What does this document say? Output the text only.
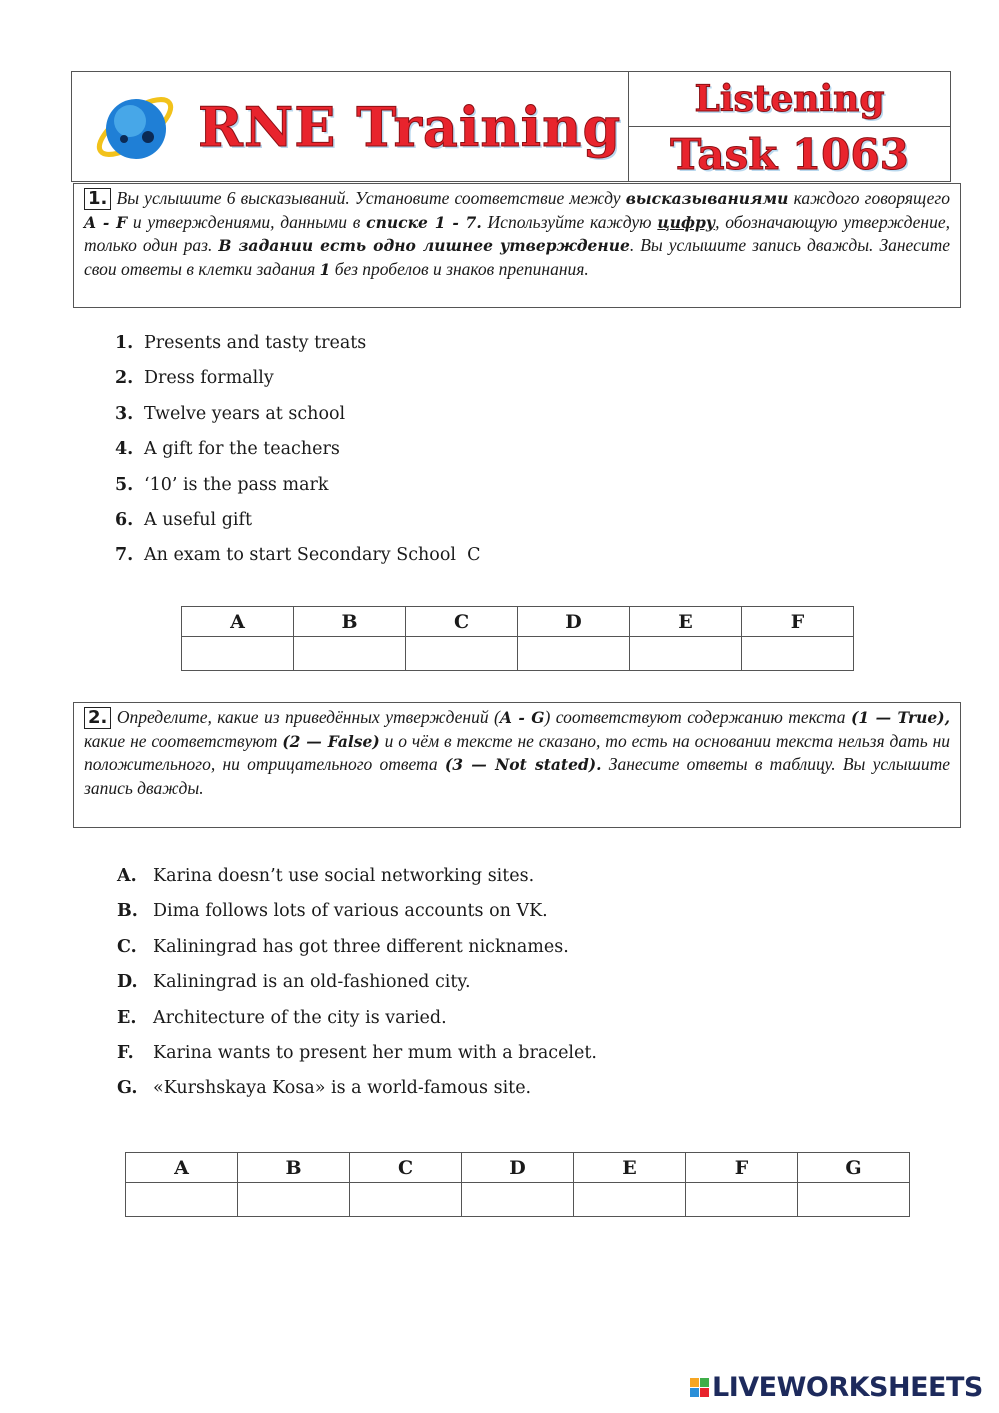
RNE Training	Listening
Task 1063
1. Вы услышите 6 высказываний. Установите соответствие между высказываниями каждого говорящего A - F и утверждениями, данными в списке 1 - 7. Используйте каждую цифру, обозначающую утверждение, только один раз. В задании есть одно лишнее утверждение. Вы услышите запись дважды. Занесите свои ответы в клетки задания 1 без пробелов и знаков препинания.
1. Presents and tasty treats
2. Dress formally
3. Twelve years at school
4. A gift for the teachers
5. ‘10’ is the pass mark
6. A useful gift
7. An exam to start Secondary School  C
A	B	C	D	E	F

2. Определите, какие из приведённых утверждений (A - G) соответствуют содержанию текста (1 — True), какие не соответствуют (2 — False) и о чём в тексте не сказано, то есть на основании текста нельзя дать ни положительного, ни отрицательного ответа (3 — Not stated). Занесите ответы в таблицу. Вы услышите запись дважды.
A. Karina doesn’t use social networking sites.
B. Dima follows lots of various accounts on VK.
C. Kaliningrad has got three different nicknames.
D. Kaliningrad is an old-fashioned city.
E. Architecture of the city is varied.
F.	Karina wants to present her mum with a bracelet.
G. «Kurshskaya Kosa» is a world-famous site.
A	B	C	D	E	F	G

LIVEWORKSHEETS
